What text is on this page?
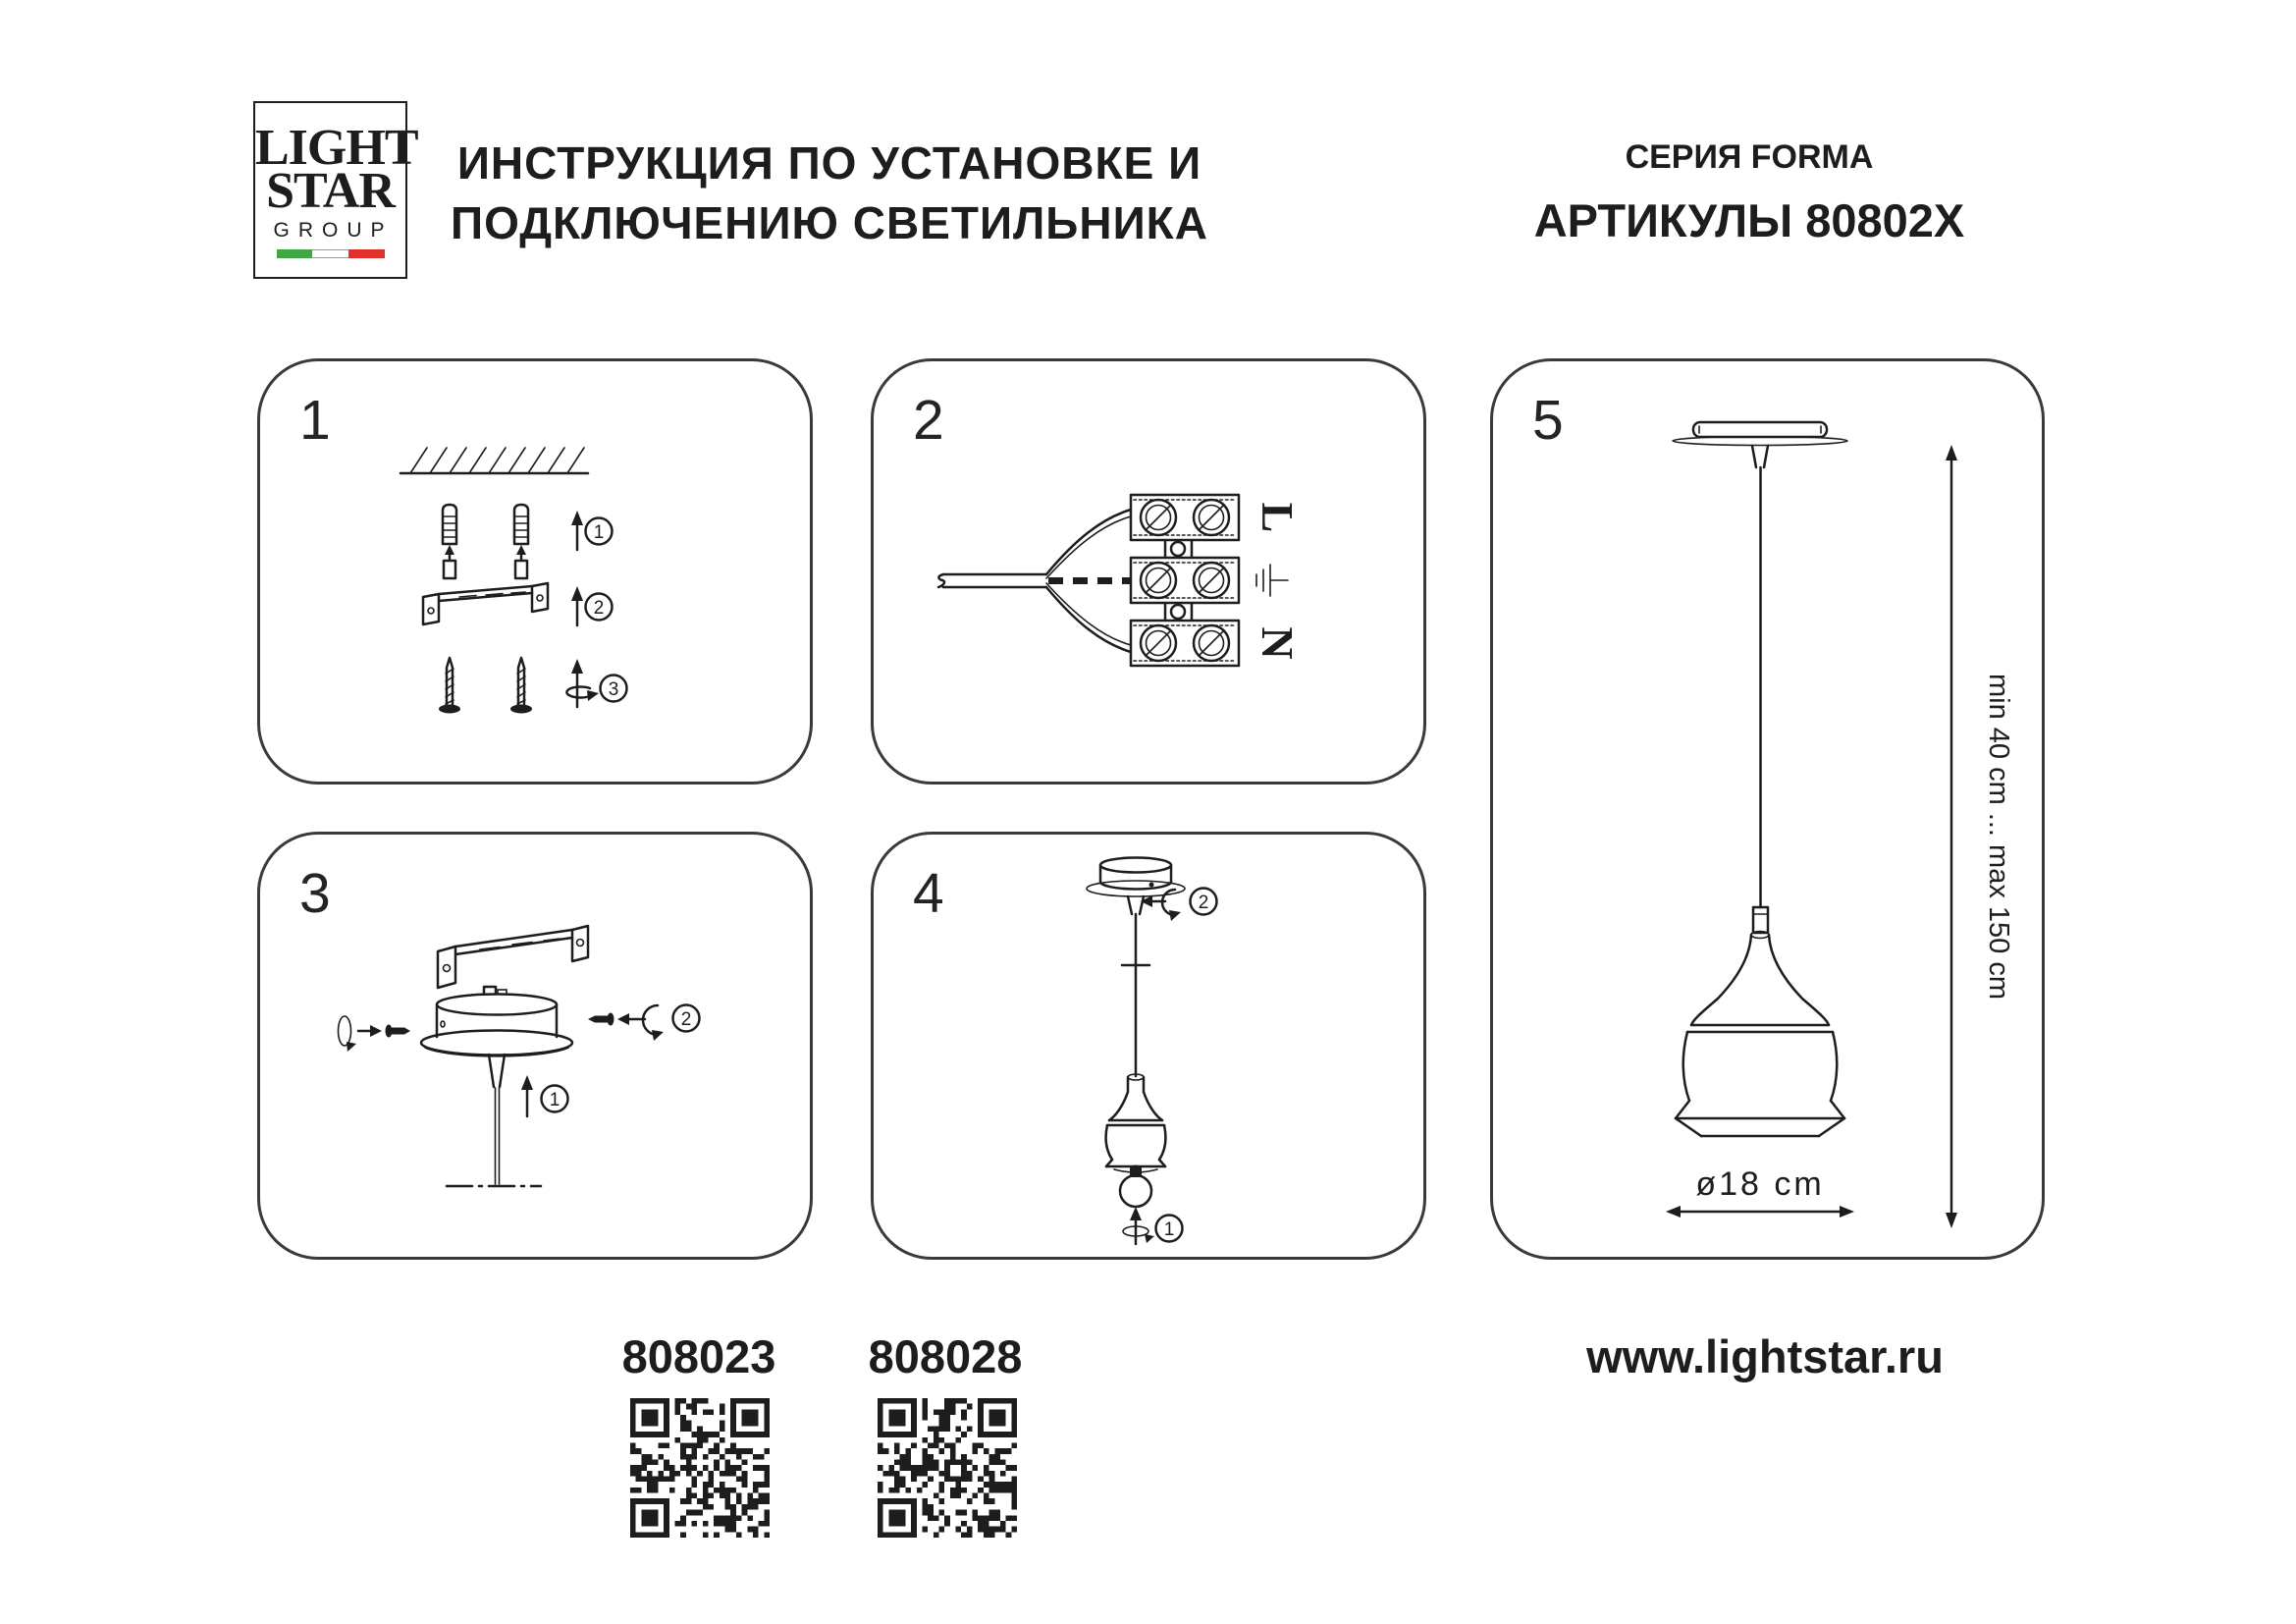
LIGHT
STAR
GROUP
ИНСТРУКЦИЯ ПО УСТАНОВКЕ И
ПОДКЛЮЧЕНИЮ СВЕТИЛЬНИКА
СЕРИЯ FORMA
АРТИКУЛЫ 80802X
1
1
2
3
2
L
N
3
2
1
4	2
1
5
min 40 cm ... max 150 cm
ø18 cm
808023	808028	www.lightstar.ru
